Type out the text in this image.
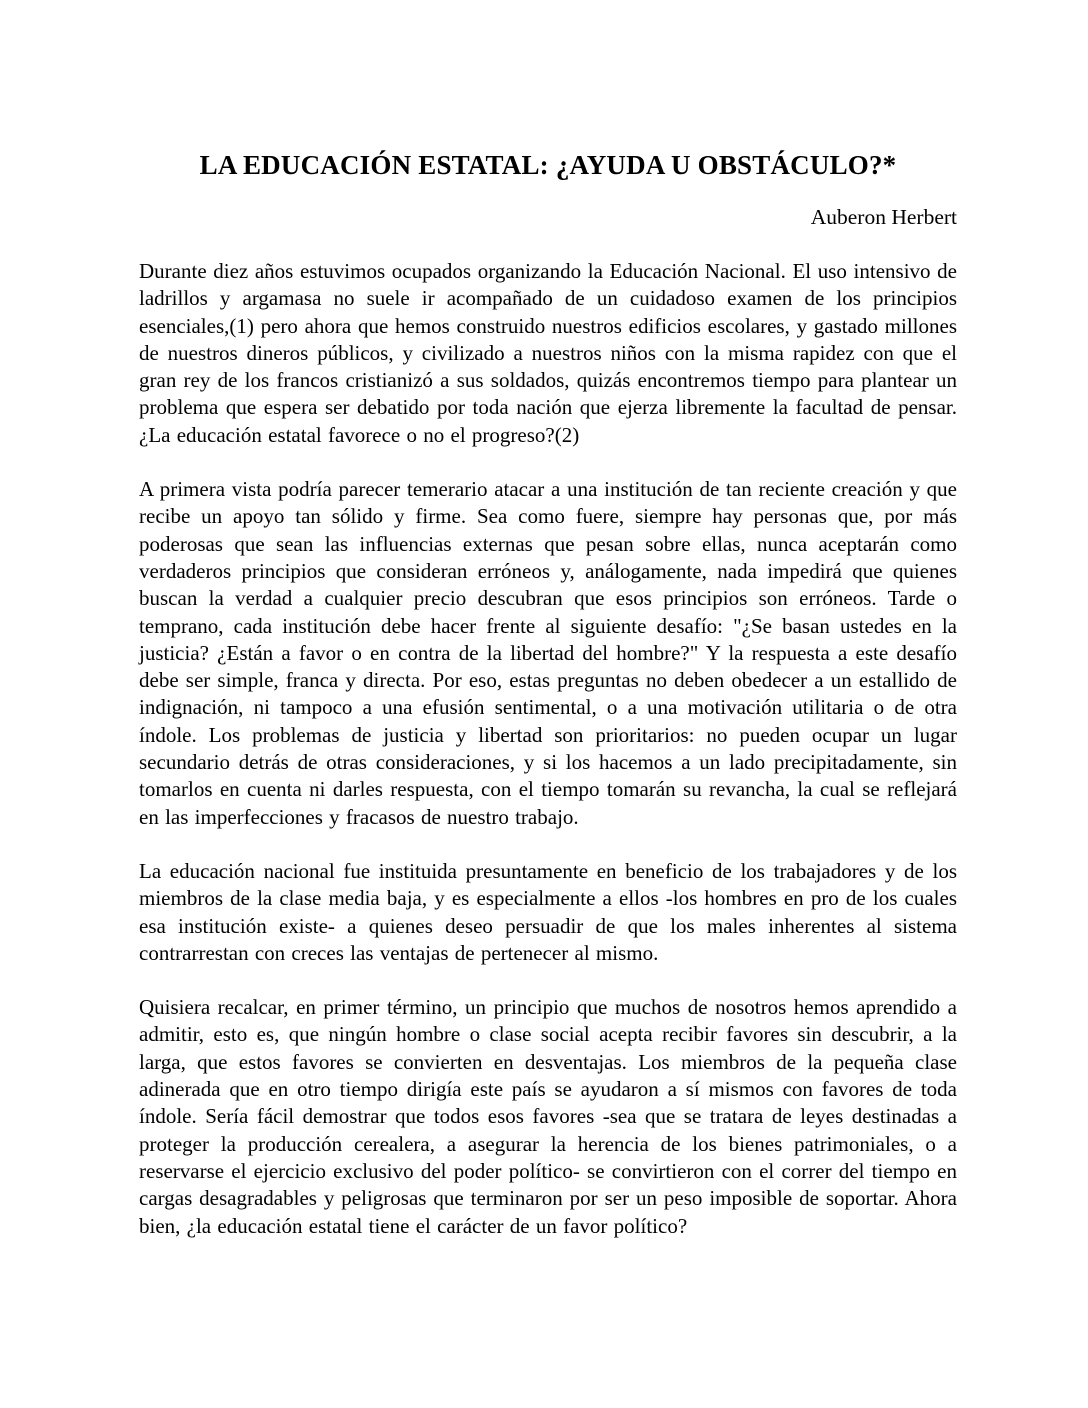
LA EDUCACIÓN ESTATAL: ¿AYUDA U OBSTÁCULO?*
Auberon Herbert

Durante diez años estuvimos ocupados organizando la Educación Nacional. El uso intensivo de ladrillos y argamasa no suele ir acompañado de un cuidadoso examen de los principios esenciales,(1) pero ahora que hemos construido nuestros edificios escolares, y gastado millones de nuestros dineros públicos, y civilizado a nuestros niños con la misma rapidez con que el gran rey de los francos cristianizó a sus soldados, quizás encontremos tiempo para plantear un problema que espera ser debatido por toda nación que ejerza libremente la facultad de pensar. ¿La educación estatal favorece o no el progreso?(2)

A primera vista podría parecer temerario atacar a una institución de tan reciente creación y que recibe un apoyo tan sólido y firme. Sea como fuere, siempre hay personas que, por más poderosas que sean las influencias externas que pesan sobre ellas, nunca aceptarán como verdaderos principios que consideran erróneos y, análogamente, nada impedirá que quienes buscan la verdad a cualquier precio descubran que esos principios son erróneos. Tarde o temprano, cada institución debe hacer frente al siguiente desafío: "¿Se basan ustedes en la justicia? ¿Están a favor o en contra de la libertad del hombre?" Y la respuesta a este desafío debe ser simple, franca y directa. Por eso, estas preguntas no deben obedecer a un estallido de indignación, ni tampoco a una efusión sentimental, o a una motivación utilitaria o de otra índole. Los problemas de justicia y libertad son prioritarios: no pueden ocupar un lugar secundario detrás de otras consideraciones, y si los hacemos a un lado precipitadamente, sin tomarlos en cuenta ni darles respuesta, con el tiempo tomarán su revancha, la cual se reflejará en las imperfecciones y fracasos de nuestro trabajo.

La educación nacional fue instituida presuntamente en beneficio de los trabajadores y de los miembros de la clase media baja, y es especialmente a ellos -los hombres en pro de los cuales esa institución existe- a quienes deseo persuadir de que los males inherentes al sistema contrarrestan con creces las ventajas de pertenecer al mismo.

Quisiera recalcar, en primer término, un principio que muchos de nosotros hemos aprendido a admitir, esto es, que ningún hombre o clase social acepta recibir favores sin descubrir, a la larga, que estos favores se convierten en desventajas. Los miembros de la pequeña clase adinerada que en otro tiempo dirigía este país se ayudaron a sí mismos con favores de toda índole. Sería fácil demostrar que todos esos favores -sea que se tratara de leyes destinadas a proteger la producción cerealera, a asegurar la herencia de los bienes patrimoniales, o a reservarse el ejercicio exclusivo del poder político- se convirtieron con el correr del tiempo en cargas desagradables y peligrosas que terminaron por ser un peso imposible de soportar. Ahora bien, ¿la educación estatal tiene el carácter de un favor político?
